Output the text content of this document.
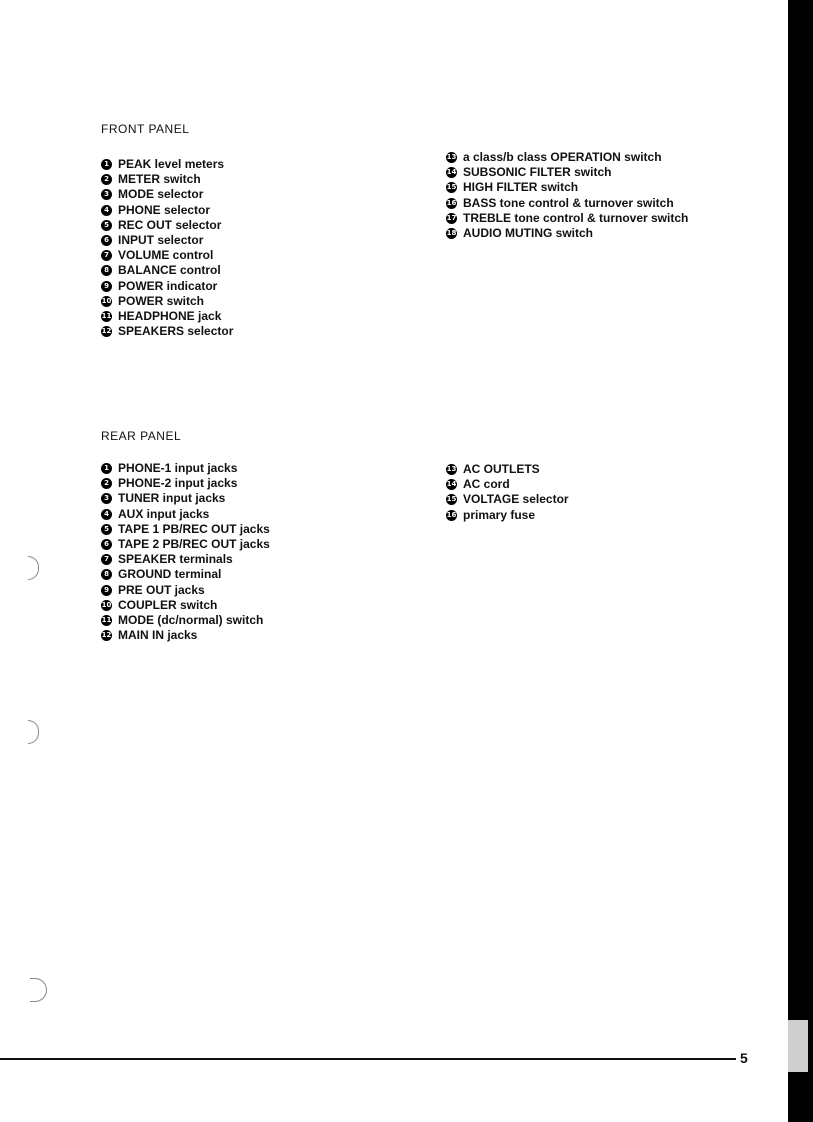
FRONT PANEL
1 PEAK level meters
2 METER switch
3 MODE selector
4 PHONE selector
5 REC OUT selector
6 INPUT selector
7 VOLUME control
8 BALANCE control
9 POWER indicator
10 POWER switch
11 HEADPHONE jack
12 SPEAKERS selector
13 a class/b class OPERATION switch
14 SUBSONIC FILTER switch
15 HIGH FILTER switch
16 BASS tone control & turnover switch
17 TREBLE tone control & turnover switch
18 AUDIO MUTING switch
REAR PANEL
1 PHONE-1 input jacks
2 PHONE-2 input jacks
3 TUNER input jacks
4 AUX input jacks
5 TAPE 1 PB/REC OUT jacks
6 TAPE 2 PB/REC OUT jacks
7 SPEAKER terminals
8 GROUND terminal
9 PRE OUT jacks
10 COUPLER switch
11 MODE (dc/normal) switch
12 MAIN IN jacks
13 AC OUTLETS
14 AC cord
15 VOLTAGE selector
16 primary fuse
5
